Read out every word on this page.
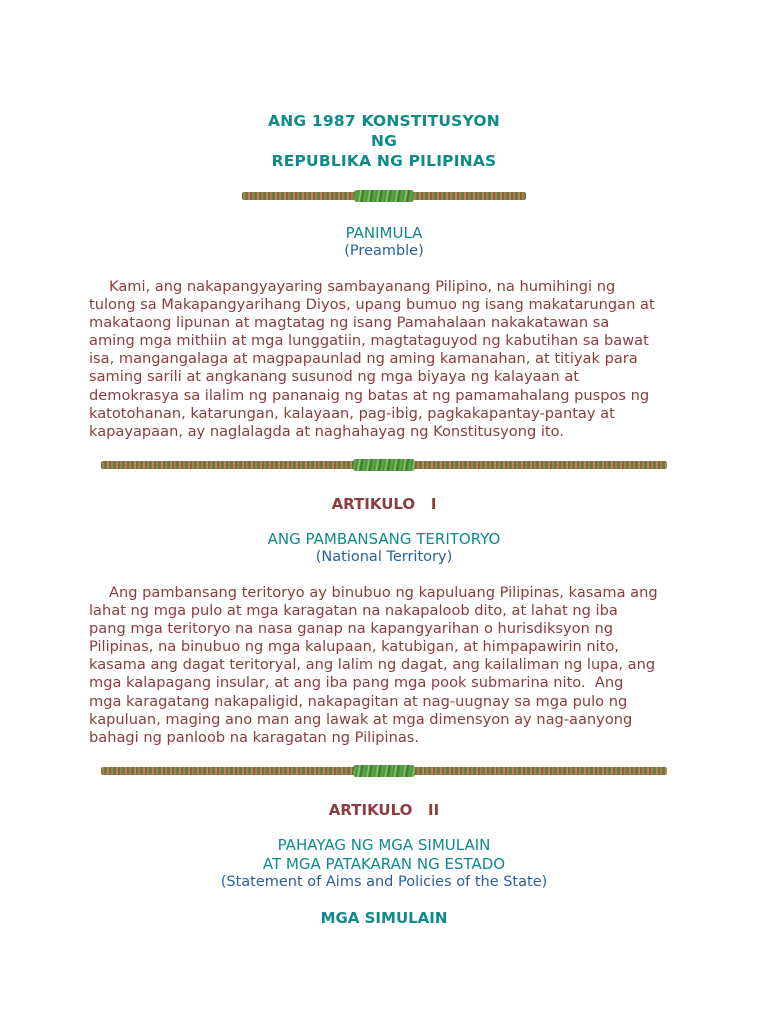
ANG 1987 KONSTITUSYON
NG
REPUBLIKA NG PILIPINAS
PANIMULA
(Preamble)
Kami, ang nakapangyayaring sambayanang Pilipino, na humihingi ng
tulong sa Makapangyarihang Diyos, upang bumuo ng isang makatarungan at
makataong lipunan at magtatag ng isang Pamahalaan nakakatawan sa
aming mga mithiin at mga lunggatiin, magtataguyod ng kabutihan sa bawat
isa, mangangalaga at magpapaunlad ng aming kamanahan, at titiyak para
saming sarili at angkanang susunod ng mga biyaya ng kalayaan at
demokrasya sa ilalim ng pananaig ng batas at ng pamamahalang puspos ng
katotohanan, katarungan, kalayaan, pag-ibig, pagkakapantay-pantay at
kapayapaan, ay naglalagda at naghahayag ng Konstitusyong ito.
ARTIKULO   I
ANG PAMBANSANG TERITORYO
(National Territory)
Ang pambansang teritoryo ay binubuo ng kapuluang Pilipinas, kasama ang
lahat ng mga pulo at mga karagatan na nakapaloob dito, at lahat ng iba
pang mga teritoryo na nasa ganap na kapangyarihan o hurisdiksyon ng
Pilipinas, na binubuo ng mga kalupaan, katubigan, at himpapawirin nito,
kasama ang dagat teritoryal, ang lalim ng dagat, ang kailaliman ng lupa, ang
mga kalapagang insular, at ang iba pang mga pook submarina nito.  Ang
mga karagatang nakapaligid, nakapagitan at nag-uugnay sa mga pulo ng
kapuluan, maging ano man ang lawak at mga dimensyon ay nag-aanyong
bahagi ng panloob na karagatan ng Pilipinas.
ARTIKULO   II
PAHAYAG NG MGA SIMULAIN
AT MGA PATAKARAN NG ESTADO
(Statement of Aims and Policies of the State)
MGA SIMULAIN
